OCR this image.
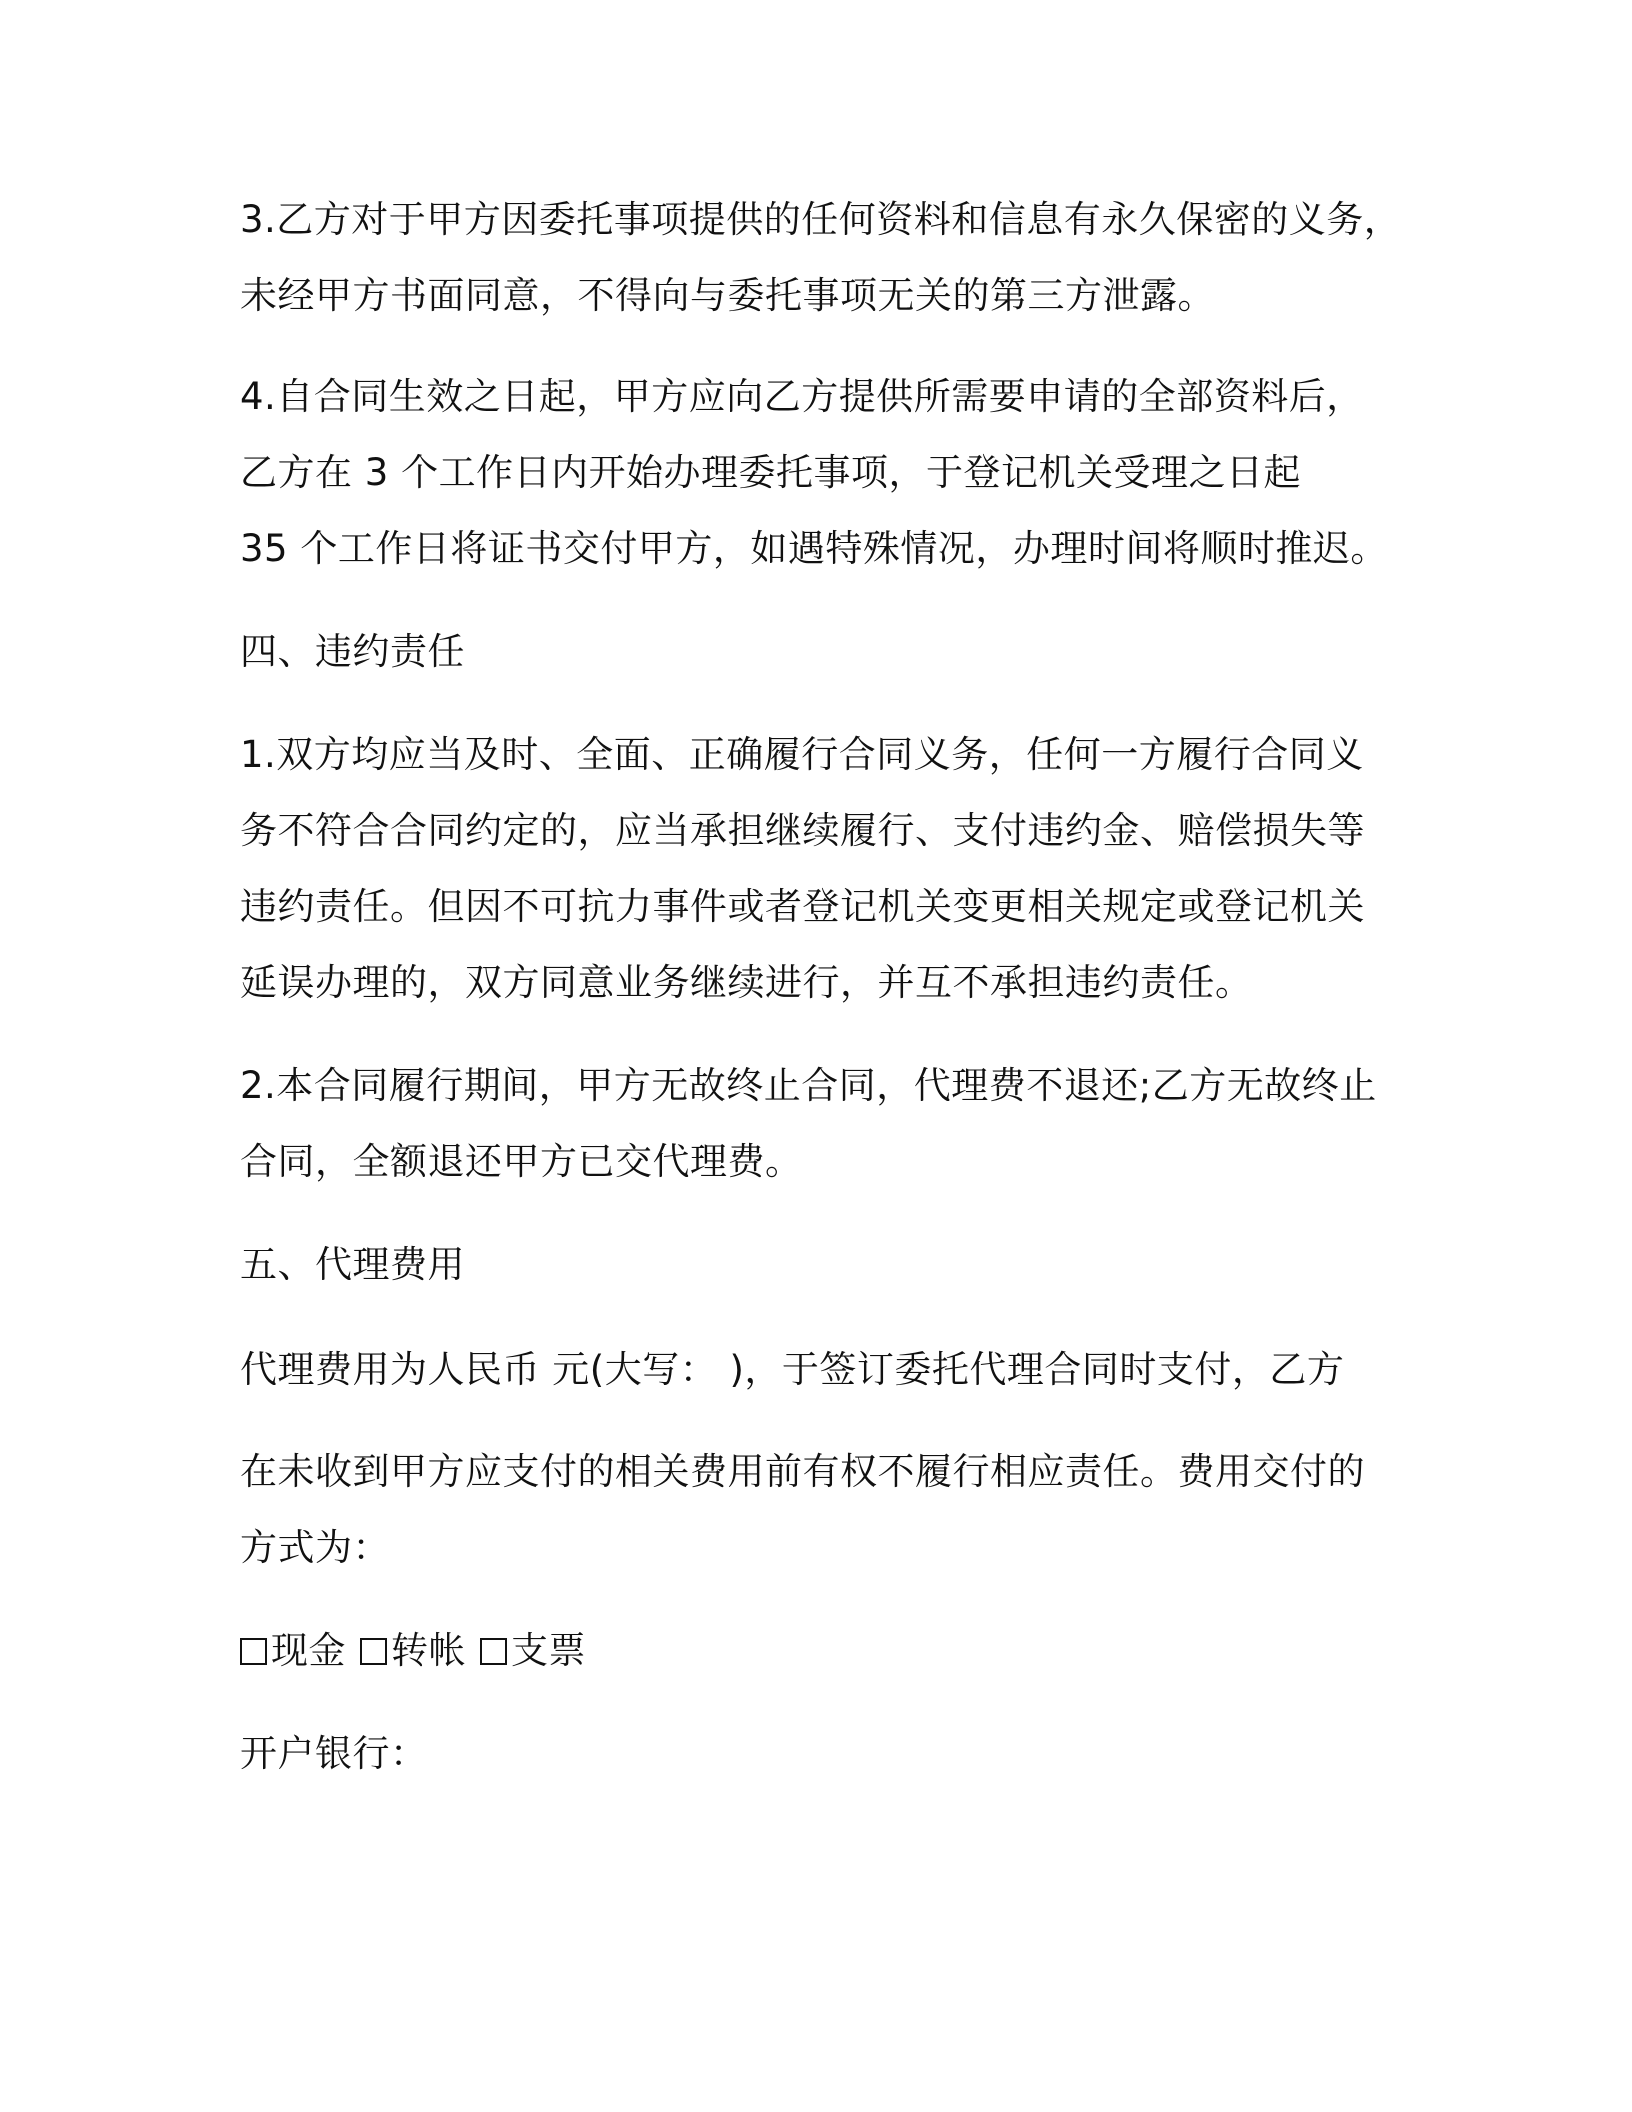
3.乙方对于甲方因委托事项提供的任何资料和信息有永久保密的义务，
未经甲方书面同意，不得向与委托事项无关的第三方泄露。
4.自合同生效之日起，甲方应向乙方提供所需要申请的全部资料后，
乙方在 3 个工作日内开始办理委托事项，于登记机关受理之日起
35 个工作日将证书交付甲方，如遇特殊情况，办理时间将顺时推迟。
四、违约责任
1.双方均应当及时、全面、正确履行合同义务，任何一方履行合同义
务不符合合同约定的，应当承担继续履行、支付违约金、赔偿损失等
违约责任。但因不可抗力事件或者登记机关变更相关规定或登记机关
延误办理的，双方同意业务继续进行，并互不承担违约责任。
2.本合同履行期间，甲方无故终止合同，代理费不退还;乙方无故终止
合同，全额退还甲方已交代理费。
五、代理费用
代理费用为人民币 元(大写： )，于签订委托代理合同时支付，乙方
在未收到甲方应支付的相关费用前有权不履行相应责任。费用交付的
方式为：
现金 转帐 支票
开户银行：
